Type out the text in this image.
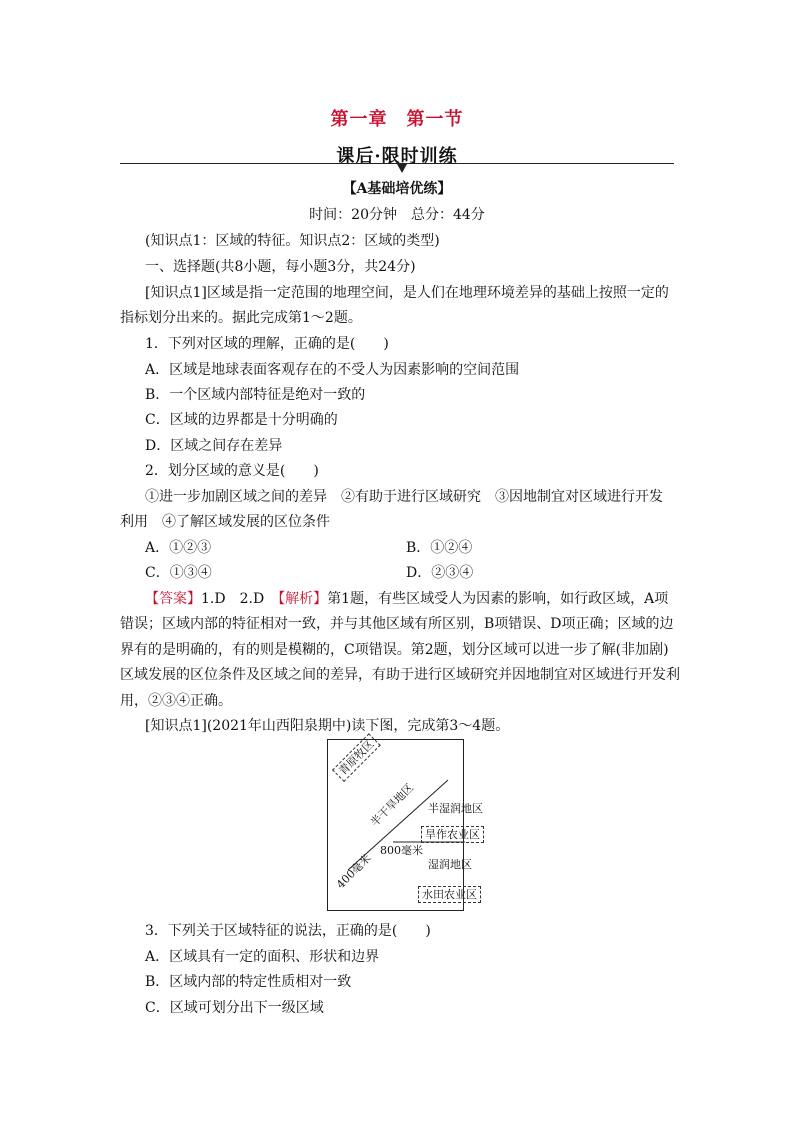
第一章　第一节
课后·限时训练
【A基础培优练】
时间：20分钟　总分：44分
(知识点1：区域的特征。知识点2：区域的类型)
一、选择题(共8小题，每小题3分，共24分)
[知识点1]区域是指一定范围的地理空间，是人们在地理环境差异的基础上按照一定的
指标划分出来的。据此完成第1～2题。
1．下列对区域的理解，正确的是(　　)
A．区域是地球表面客观存在的不受人为因素影响的空间范围
B．一个区域内部特征是绝对一致的
C．区域的边界都是十分明确的
D．区域之间存在差异
2．划分区域的意义是(　　)
①进一步加剧区域之间的差异　②有助于进行区域研究　③因地制宜对区域进行开发
利用　④了解区域发展的区位条件
A．①②③	B．①②④
C．①③④	D．②③④
【答案】1.D　2.D　【解析】第1题，有些区域受人为因素的影响，如行政区域，A项
错误；区域内部的特征相对一致，并与其他区域有所区别，B项错误、D项正确；区域的边
界有的是明确的，有的则是模糊的，C项错误。第2题，划分区域可以进一步了解(非加剧)
区域发展的区位条件及区域之间的差异，有助于进行区域研究并因地制宜对区域进行开发利
用，②③④正确。
[知识点1](2021年山西阳泉期中)读下图，完成第3～4题。
青原牧区
半干旱地区 半湿润地区
旱作农业区
800毫米
湿润地区
400毫米
水田农业区
3．下列关于区域特征的说法，正确的是(　　)
A．区域具有一定的面积、形状和边界
B．区域内部的特定性质相对一致
C．区域可划分出下一级区域
